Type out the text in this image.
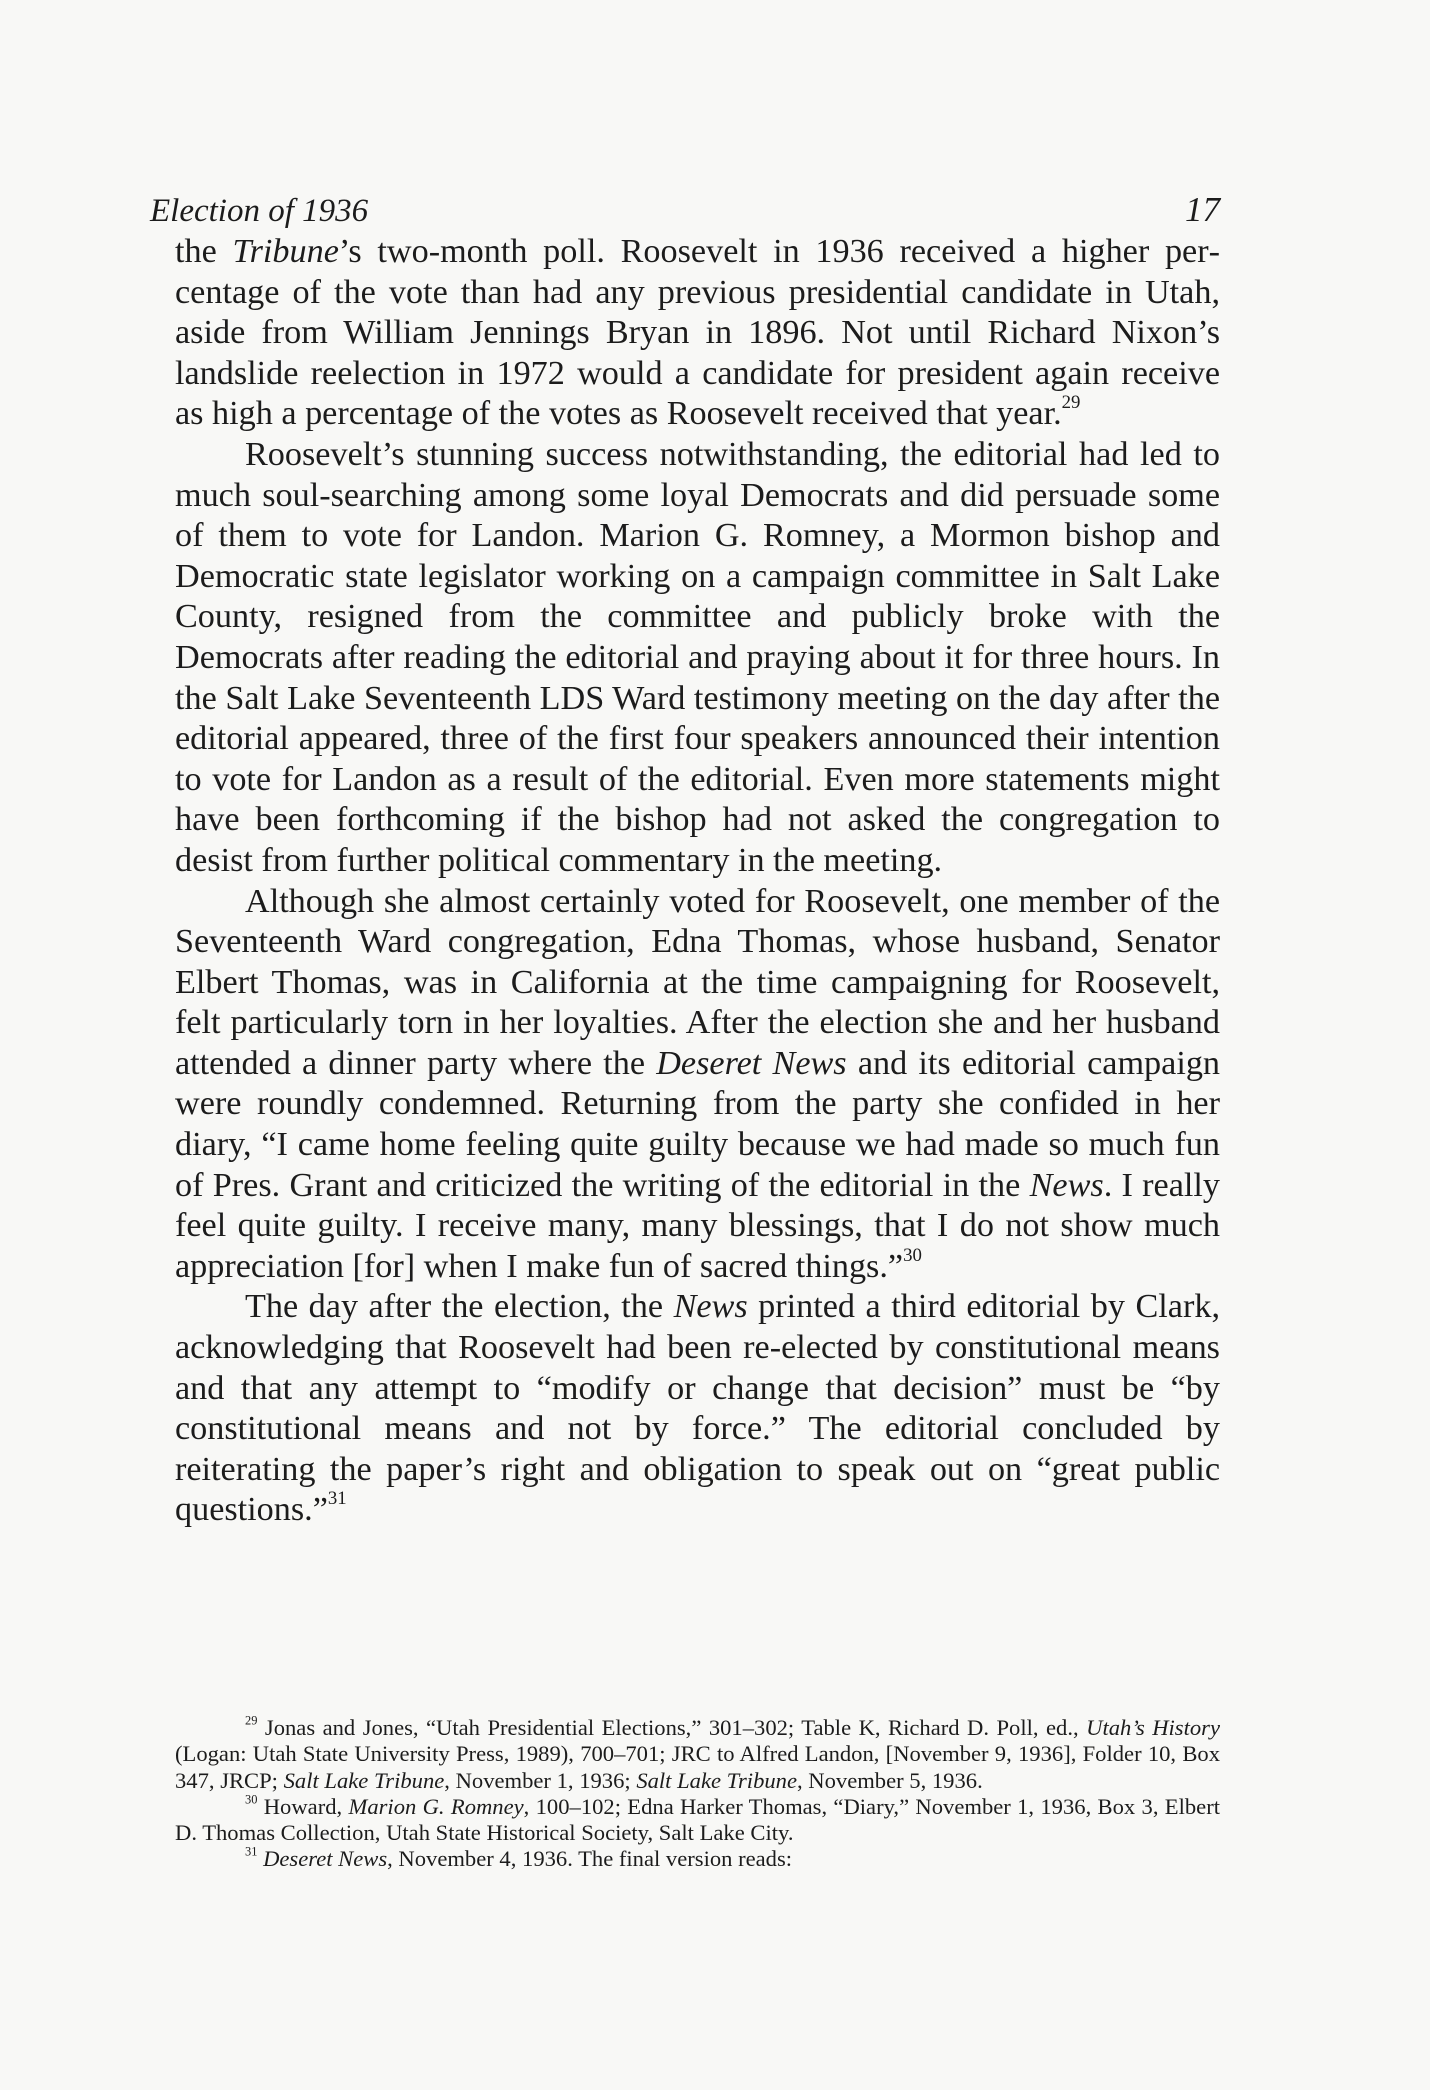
Election of 1936	17

the Tribune’s two-month poll. Roosevelt in 1936 received a higher percentage of the vote than had any previous presidential candidate in Utah, aside from William Jennings Bryan in 1896. Not until Richard Nixon’s landslide reelection in 1972 would a candidate for president again receive as high a percentage of the votes as Roosevelt received that year.$^{29}$

Roosevelt’s stunning success notwithstanding, the editorial had led to much soul-searching among some loyal Democrats and did persuade some of them to vote for Landon. Marion G. Romney, a Mormon bishop and Democratic state legislator working on a campaign committee in Salt Lake County, resigned from the committee and publicly broke with the Democrats after reading the editorial and praying about it for three hours. In the Salt Lake Seventeenth LDS Ward testimony meeting on the day after the editorial appeared, three of the first four speakers announced their intention to vote for Landon as a result of the editorial. Even more statements might have been forthcoming if the bishop had not asked the congregation to desist from further political commentary in the meeting.

Although she almost certainly voted for Roosevelt, one member of the Seventeenth Ward congregation, Edna Thomas, whose husband, Senator Elbert Thomas, was in California at the time campaigning for Roosevelt, felt particularly torn in her loyalties. After the election she and her husband attended a dinner party where the Deseret News and its editorial campaign were roundly condemned. Returning from the party she confided in her diary, “I came home feeling quite guilty because we had made so much fun of Pres. Grant and criticized the writing of the editorial in the News. I really feel quite guilty. I receive many, many blessings, that I do not show much appreciation [for] when I make fun of sacred things.”$^{30}$

The day after the election, the News printed a third editorial by Clark, acknowledging that Roosevelt had been re-elected by constitutional means and that any attempt to “modify or change that decision” must be “by constitutional means and not by force.” The editorial concluded by reiterating the paper’s right and obligation to speak out on “great public questions.”$^{31}$

$^{29}$ Jonas and Jones, “Utah Presidential Elections,” 301–302; Table K, Richard D. Poll, ed., Utah’s History (Logan: Utah State University Press, 1989), 700–701; JRC to Alfred Landon, [November 9, 1936], Folder 10, Box 347, JRCP; Salt Lake Tribune, November 1, 1936; Salt Lake Tribune, November 5, 1936.

$^{30}$ Howard, Marion G. Romney, 100–102; Edna Harker Thomas, “Diary,” November 1, 1936, Box 3, Elbert D. Thomas Collection, Utah State Historical Society, Salt Lake City.

$^{31}$ Deseret News, November 4, 1936. The final version reads:
